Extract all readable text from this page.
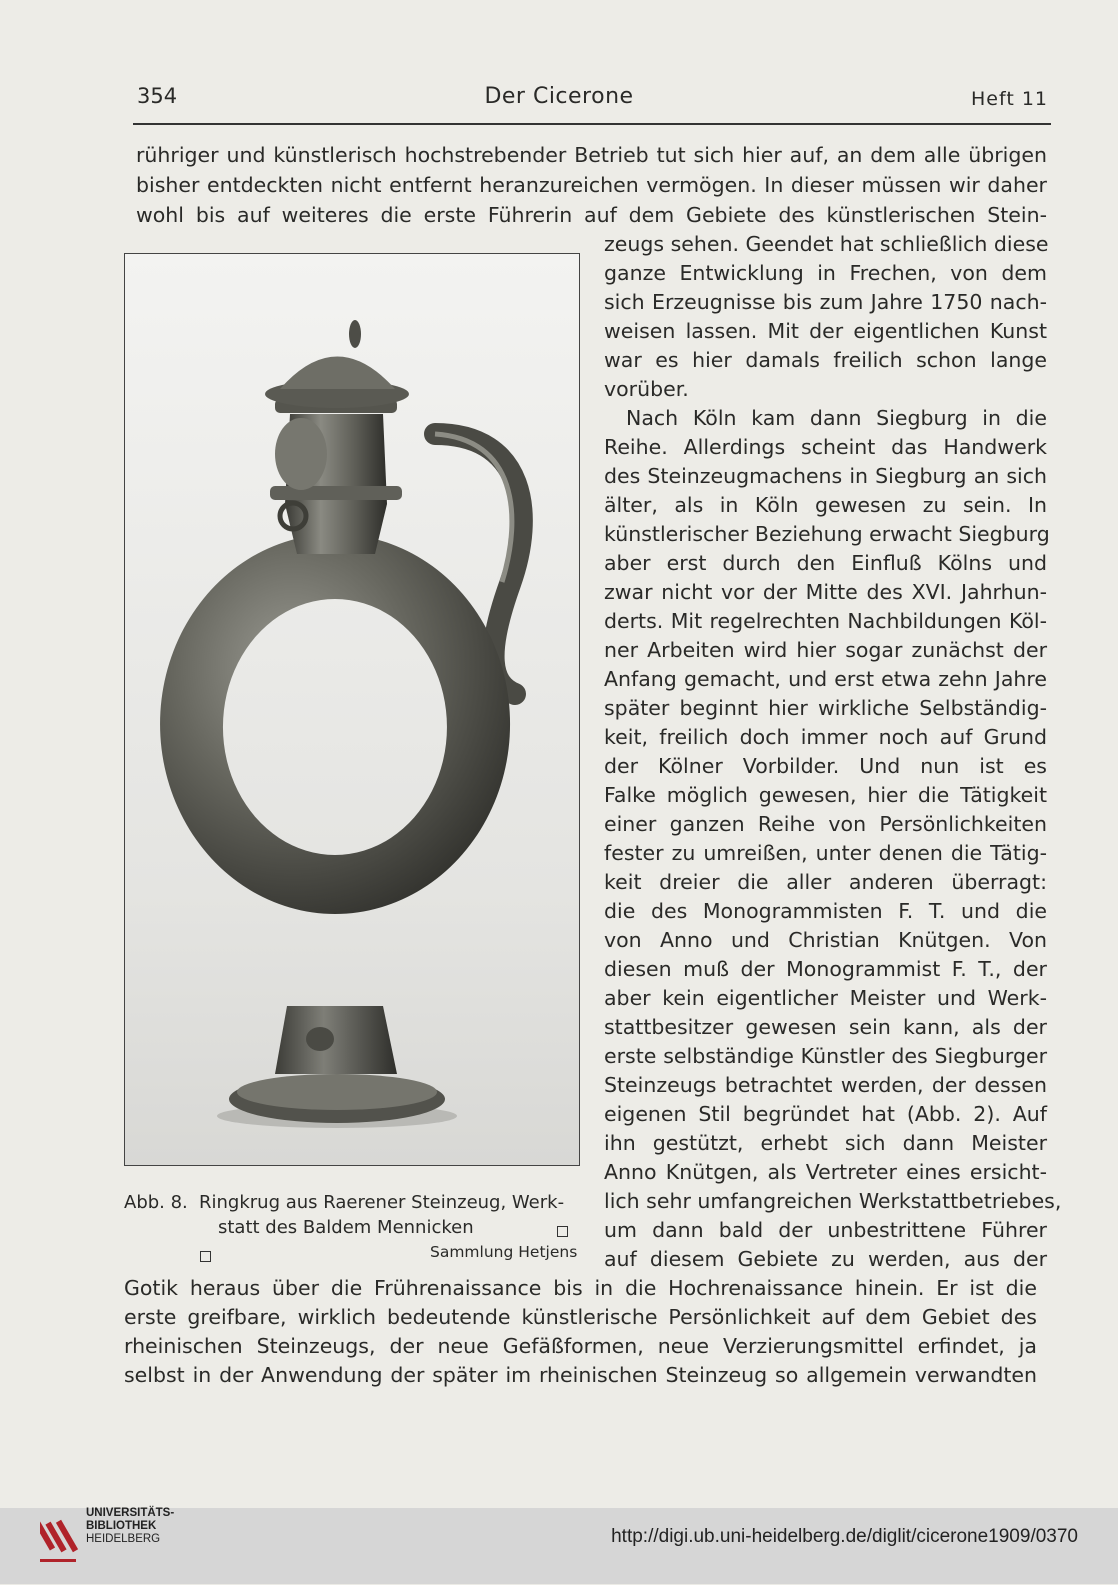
354	Der Cicerone	Heft 11
rühriger und künstlerisch hochstrebender Betrieb tut sich hier auf, an dem alle übrigen
bisher entdeckten nicht entfernt heranzureichen vermögen. In dieser müssen wir daher
wohl bis auf weiteres die erste Führerin auf dem Gebiete des künstlerischen Stein-
zeugs sehen. Geendet hat schließlich diese
ganze Entwicklung in Frechen, von dem
sich Erzeugnisse bis zum Jahre 1750 nach-
weisen lassen. Mit der eigentlichen Kunst
war es hier damals freilich schon lange
vorüber.
Nach Köln kam dann Siegburg in die
Reihe. Allerdings scheint das Handwerk
des Steinzeugmachens in Siegburg an sich
älter, als in Köln gewesen zu sein. In
künstlerischer Beziehung erwacht Siegburg
aber erst durch den Einfluß Kölns und
zwar nicht vor der Mitte des XVI. Jahrhun-
derts. Mit regelrechten Nachbildungen Köl-
ner Arbeiten wird hier sogar zunächst der
Anfang gemacht, und erst etwa zehn Jahre
später beginnt hier wirkliche Selbständig-
keit, freilich doch immer noch auf Grund
der Kölner Vorbilder. Und nun ist es
Falke möglich gewesen, hier die Tätigkeit
einer ganzen Reihe von Persönlichkeiten
fester zu umreißen, unter denen die Tätig-
keit dreier die aller anderen überragt:
die des Monogrammisten F. T. und die
von Anno und Christian Knütgen. Von
diesen muß der Monogrammist F. T., der
aber kein eigentlicher Meister und Werk-
stattbesitzer gewesen sein kann, als der
erste selbständige Künstler des Siegburger
Steinzeugs betrachtet werden, der dessen
eigenen Stil begründet hat (Abb. 2). Auf
ihn gestützt, erhebt sich dann Meister
Anno Knütgen, als Vertreter eines ersicht-
lich sehr umfangreichen Werkstattbetriebes,
um dann bald der unbestrittene Führer
auf diesem Gebiete zu werden, aus der
Gotik heraus über die Frührenaissance bis in die Hochrenaissance hinein. Er ist die
erste greifbare, wirklich bedeutende künstlerische Persönlichkeit auf dem Gebiet des
rheinischen Steinzeugs, der neue Gefäßformen, neue Verzierungsmittel erfindet, ja
selbst in der Anwendung der später im rheinischen Steinzeug so allgemein verwandten
Abb. 8. Ringkrug aus Raerener Steinzeug, Werk-
statt des Baldem Mennicken
Sammlung Hetjens
UNIVERSITÄTS-
BIBLIOTHEK
HEIDELBERG	http://digi.ub.uni-heidelberg.de/diglit/cicerone1909/0370
